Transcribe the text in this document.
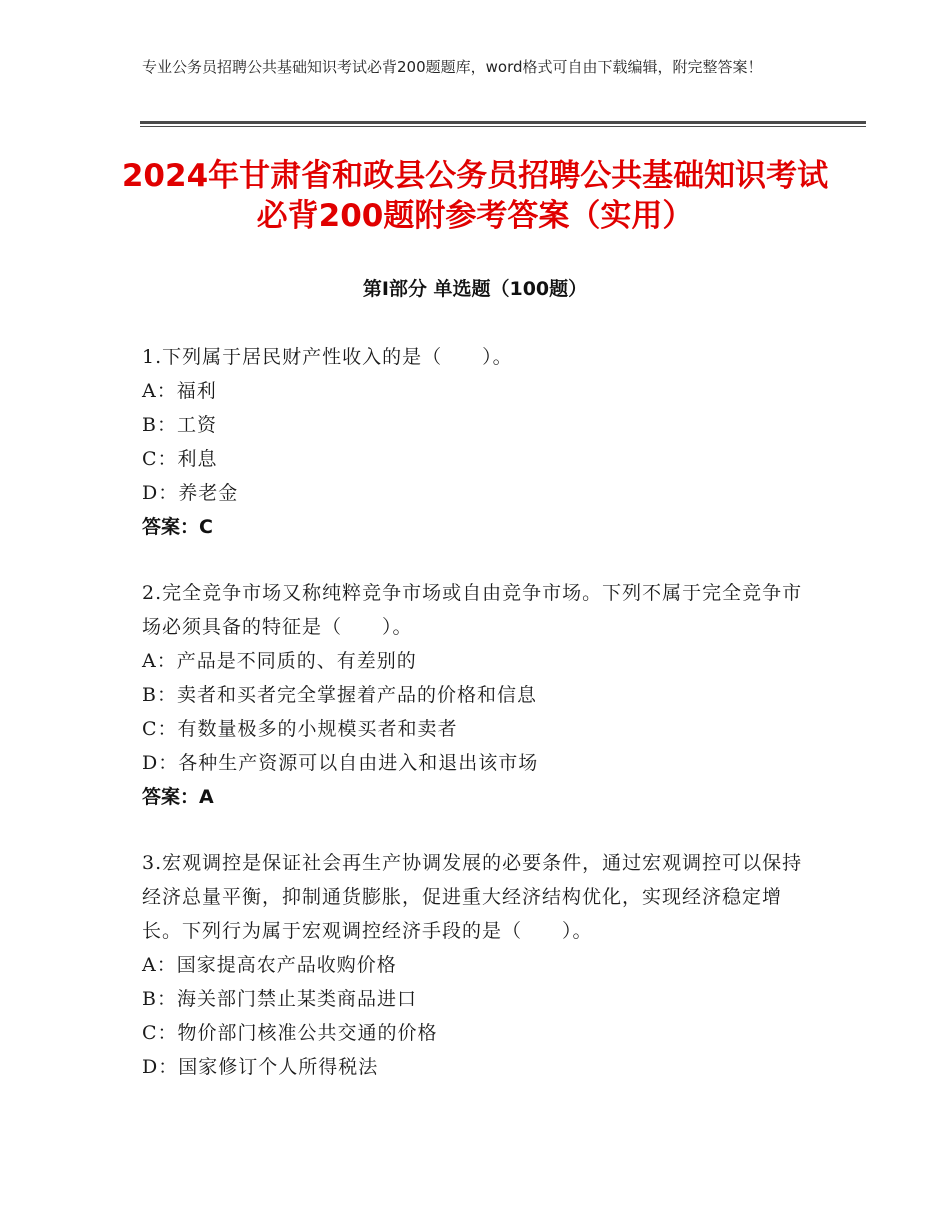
专业公务员招聘公共基础知识考试必背200题题库，word格式可自由下载编辑，附完整答案！
2024年甘肃省和政县公务员招聘公共基础知识考试必背200题附参考答案（实用）
第Ⅰ部分 单选题（100题）
1.下列属于居民财产性收入的是（　　）。
A：福利
B：工资
C：利息
D：养老金
答案：C
2.完全竞争市场又称纯粹竞争市场或自由竞争市场。下列不属于完全竞争市场必须具备的特征是（　　）。
A：产品是不同质的、有差别的
B：卖者和买者完全掌握着产品的价格和信息
C：有数量极多的小规模买者和卖者
D：各种生产资源可以自由进入和退出该市场
答案：A
3.宏观调控是保证社会再生产协调发展的必要条件，通过宏观调控可以保持经济总量平衡，抑制通货膨胀，促进重大经济结构优化，实现经济稳定增长。下列行为属于宏观调控经济手段的是（　　）。
A：国家提高农产品收购价格
B：海关部门禁止某类商品进口
C：物价部门核准公共交通的价格
D：国家修订个人所得税法
